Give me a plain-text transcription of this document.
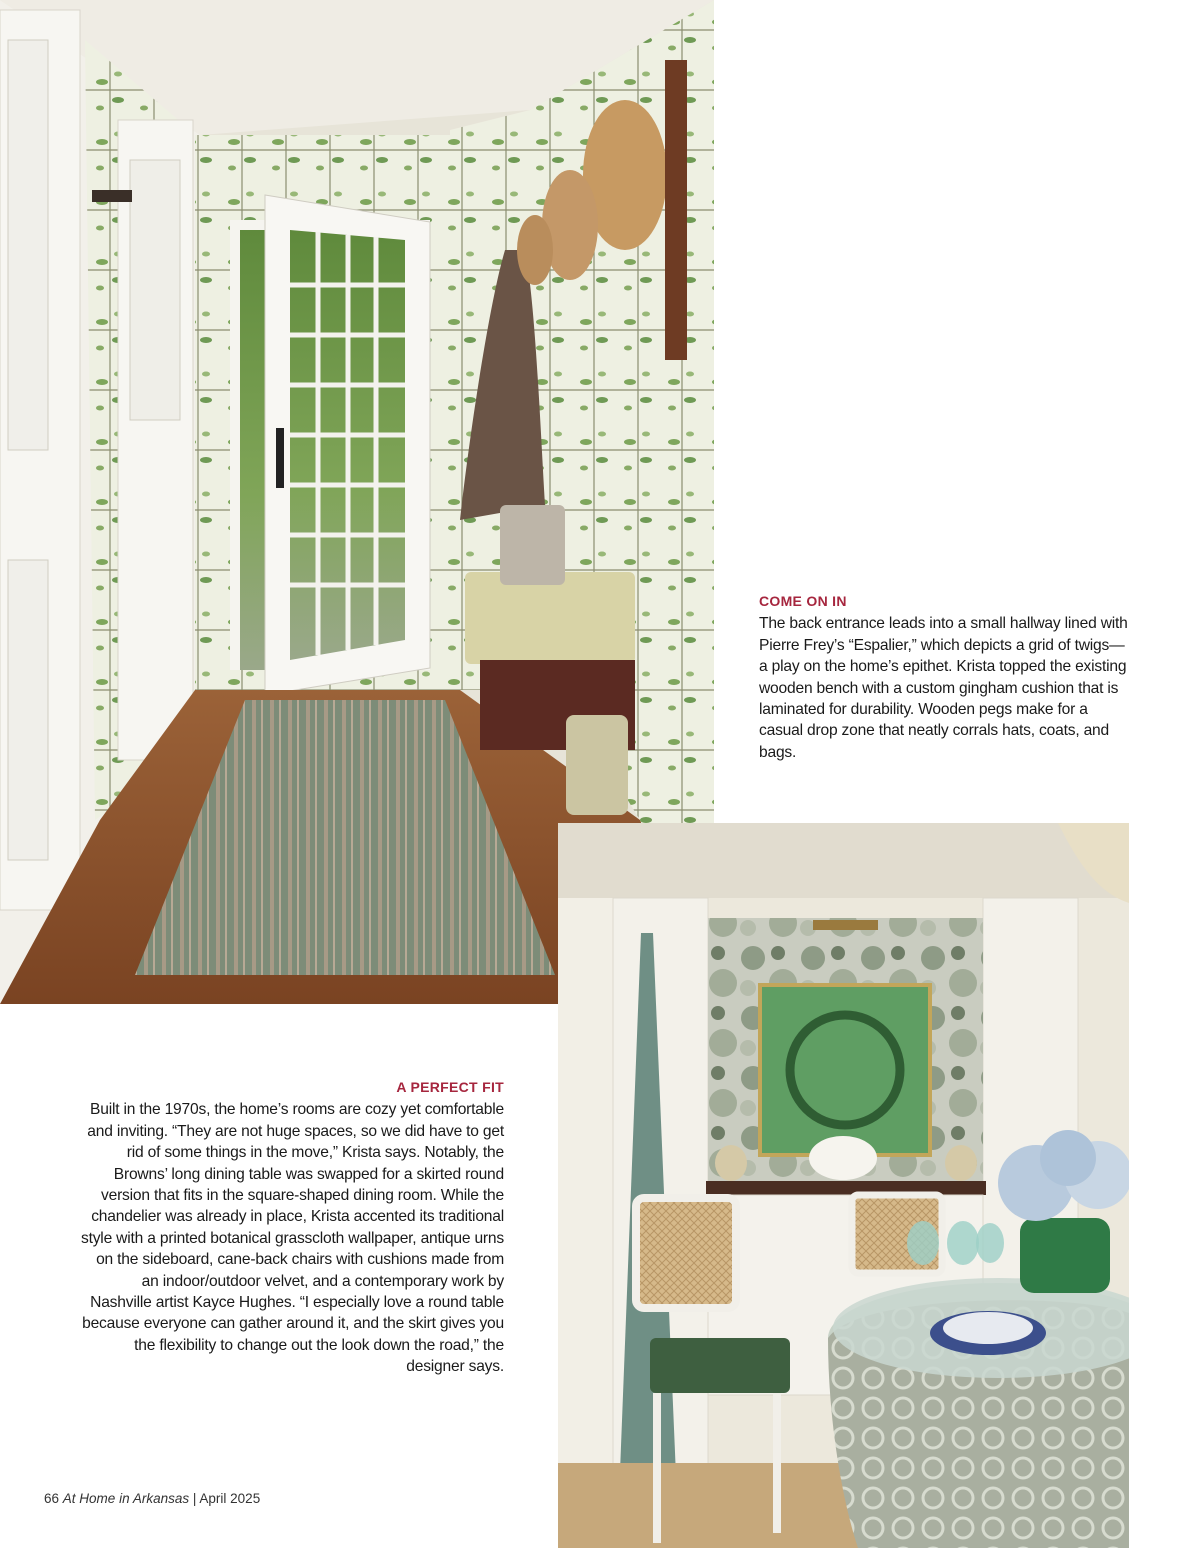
COME ON IN
The back entrance leads into a small hallway lined with Pierre Frey’s “Espalier,” which depicts a grid of twigs—a play on the home’s epithet. Krista topped the existing wooden bench with a custom gingham cushion that is laminated for durability. Wooden pegs make for a casual drop zone that neatly corrals hats, coats, and bags.
A PERFECT FIT
Built in the 1970s, the home’s rooms are cozy yet comfortable and inviting. “They are not huge spaces, so we did have to get rid of some things in the move,” Krista says. Notably, the Browns’ long dining table was swapped for a skirted round version that fits in the square-shaped dining room. While the chandelier was already in place, Krista accented its traditional style with a printed botanical grasscloth wallpaper, antique urns on the sideboard, cane-back chairs with cushions made from an indoor/outdoor velvet, and a contemporary work by Nashville artist Kayce Hughes. “I especially love a round table because everyone can gather around it, and the skirt gives you the flexibility to change out the look down the road,” the designer says.
66 At Home in Arkansas | April 2025
